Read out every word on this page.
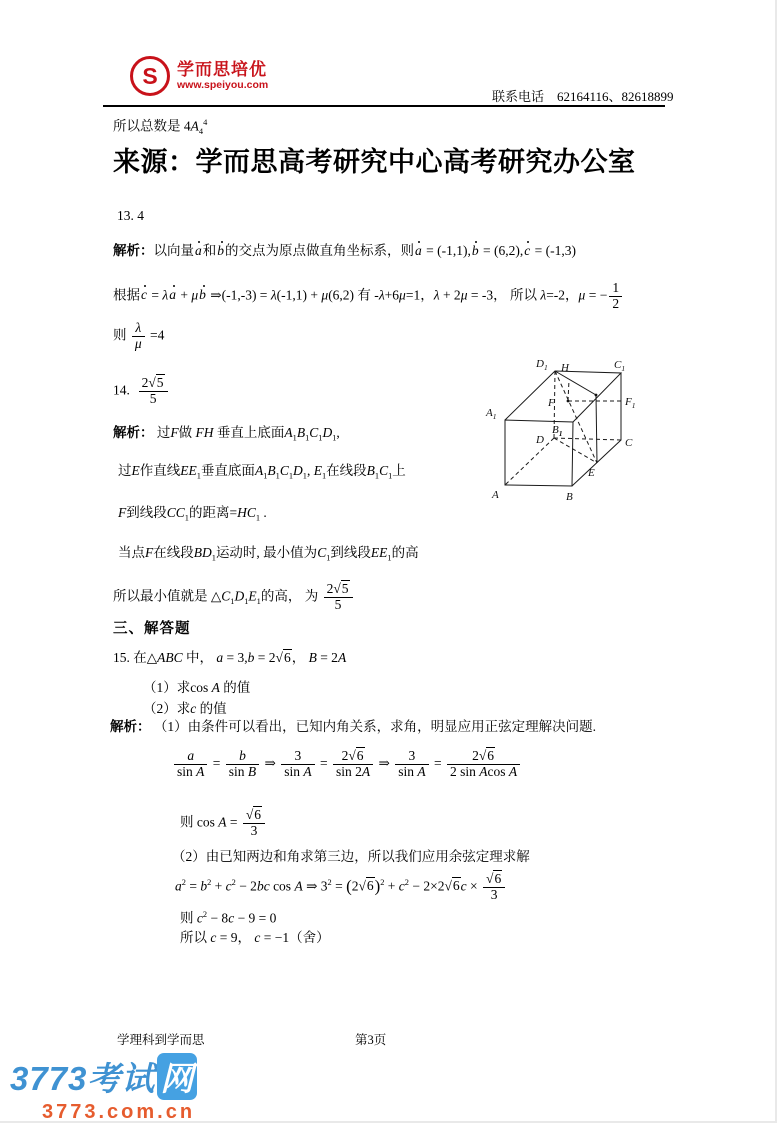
S	学而思培优
www.speiyou.com
联系电话　62164116、82618899
所以总数是 $4A_4^4$
来源：学而思高考研究中心高考研究办公室
13. 4
解析：以向量a和b的交点为原点做直角坐标系，则a = (-1,1),b = (6,2),c = (-1,3)
根据c = λa + μb ⇒(-1,-3) = λ(-1,1) + μ(6,2) 有 -λ+6μ=1，λ + 2μ = -3， 所以 λ=-2，μ = − $\frac{1}{2}$
则 $\frac{\lambda}{\mu} =4$
14. $\frac{2√5}{5}$
解析： 过F做 FH 垂直上底面$A_1B_1C_1D_1$,
过E作直线$EE_1$垂直底面$A_1B_1C_1D_1$, $E_1$在线段$B_1C_1$上
F到线段$CC_1$的距离$=HC_1$ .
当点F在线段$BD_1$运动时, 最小值为$C_1$到线段$EE_1$的高
所以最小值就是 $\triangle C_1D_1E_1$的高， 为 $\frac{2√5}{5}$
三、解答题
15. 在△ABC 中， a = 3,b = 2√6， B = 2A
（1）求cos A 的值
（2）求c 的值
解析： （1）由条件可以看出，已知内角关系，求角，明显应用正弦定理解决问题.
$\frac{a}{\text{sin A}} = \frac{b}{\text{sin B}}$ ⇒ $\frac{3}{\text{sin A}} = \frac{2√6}{\sin 2A}$ ⇒ $\frac{3}{\text{sin A}} = \frac{2√6}{\text{2 sin Acos A}}$
则 $\cos A = \frac{√6}{3}$
（2）由已知两边和角求第三边，所以我们应用余弦定理求解
$a^2 = b^2 + c^2 - 2bc$ cos A ⇒ $3^2 = (2√6)^2 + c^2 - 2\times 2√6c \times \frac{√6}{3}$
则 $c^2 - 8c - 9 = 0$
所以 c = 9， c = −1（舍）
$D_1$ H	$C_1$
$A_1$
$F_1$
F
$B_1$
D	C
E
A	B
学理科到学而思	第3页
3773考试 网
3773.com.cn
